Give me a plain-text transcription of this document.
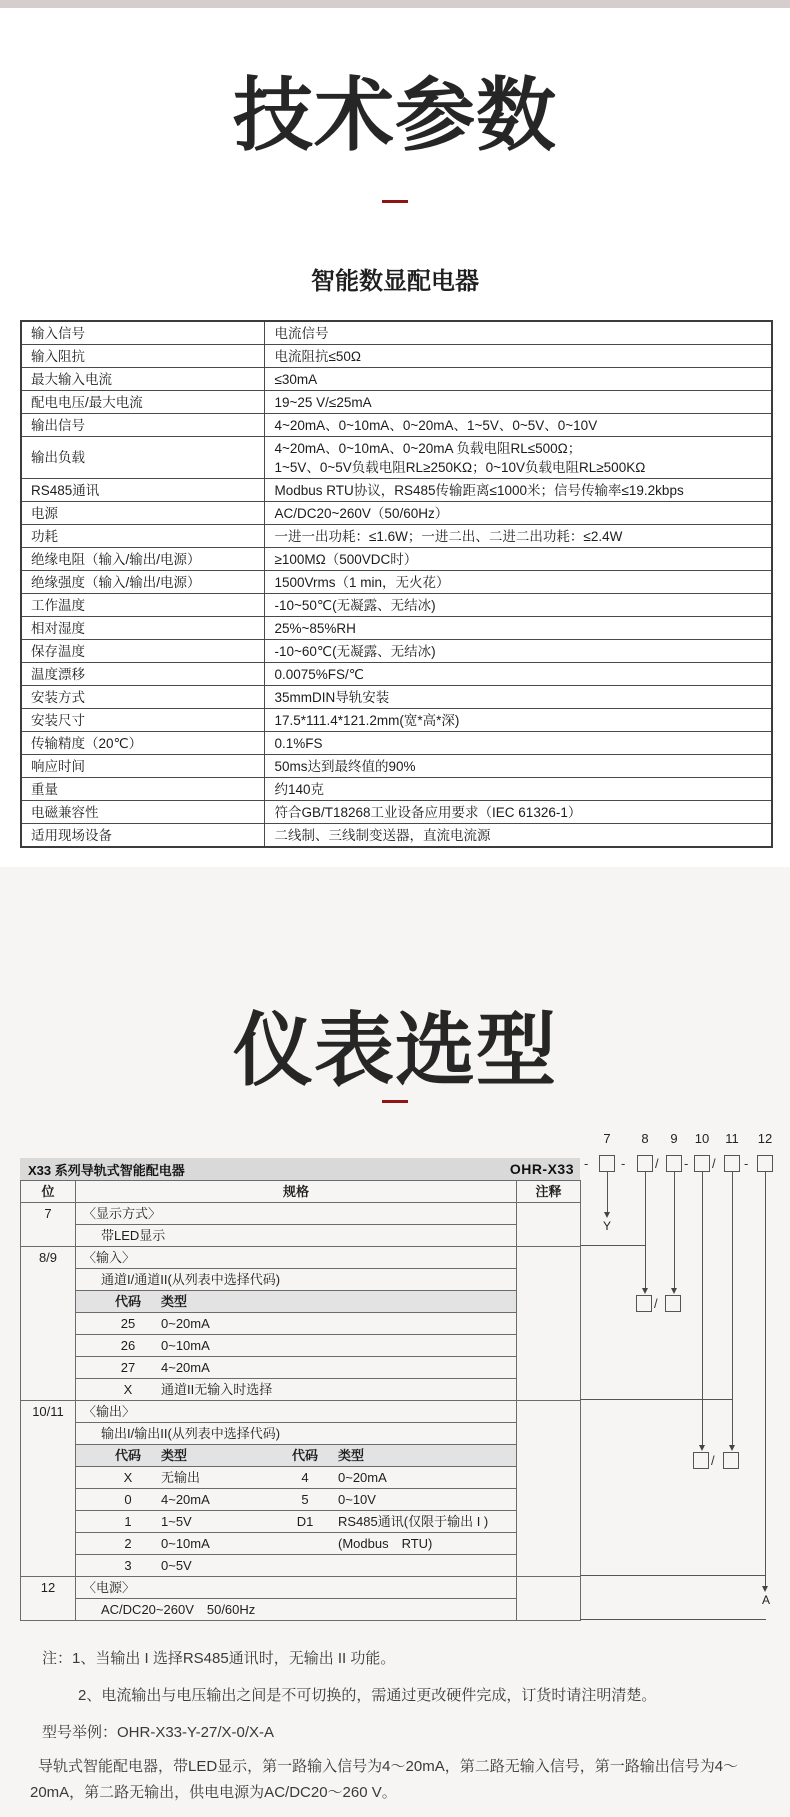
技术参数
智能数显配电器
输入信号	电流信号

输入阻抗	电流阻抗≤50Ω

最大输入电流	≤30mA

配电电压/最大电流	19~25 V/≤25mA

输出信号	4~20mA、0~10mA、0~20mA、1~5V、0~5V、0~10V

输出负载	4~20mA、0~10mA、0~20mA 负载电阻RL≤500Ω；
1~5V、0~5V负载电阻RL≥250KΩ；0~10V负载电阻RL≥500KΩ

RS485通讯	Modbus RTU协议，RS485传输距离≤1000米；信号传输率≤19.2kbps

电源	AC/DC20~260V（50/60Hz）

功耗	一进一出功耗：≤1.6W；一进二出、二进二出功耗：≤2.4W

绝缘电阻（输入/输出/电源）	≥100MΩ（500VDC时）

绝缘强度（输入/输出/电源）	1500Vrms（1 min，无火花）

工作温度	-10~50℃(无凝露、无结冰)

相对湿度	25%~85%RH

保存温度	-10~60℃(无凝露、无结冰)

温度漂移	0.0075%FS/℃

安装方式	35mmDIN导轨安装

安装尺寸	17.5*111.4*121.2mm(宽*高*深)

传输精度（20℃）	0.1%FS

响应时间	50ms达到最终值的90%

重量	约140克

电磁兼容性	符合GB/T18268工业设备应用要求（IEC 61326-1）

适用现场设备	二线制、三线制变送器，直流电流源
仪表选型
X33 系列导轨式智能配电器	OHR-X33
位	规格	注释
7	〈显示方式〉	

	带LED显示	

8/9	〈输入〉	

	通道I/通道II(从列表中选择代码)	

	代码 类型	

	25 0~20mA	

	26 0~10mA	

	27 4~20mA	

	X 通道II无输入时选择	

10/11	〈输出〉	

	输出I/输出II(从列表中选择代码)	

	代码 类型 代码 类型	

	X 无输出 4 0~20mA	

	0 4~20mA 5 0~10V	

	1 1~5V D1 RS485通讯(仅限于输出 I )	

	2 0~10mA (Modbus　RTU)	

	3 0~5V	

12	〈电源〉	

	AC/DC20~260V　50/60Hz	
7	8	9	10 11 12
-	- / - / -
Y
/
/
A
注：1、当输出 I 选择RS485通讯时，无输出 II 功能。
2、电流输出与电压输出之间是不可切换的，需通过更改硬件完成，订货时请注明清楚。
型号举例：OHR-X33-Y-27/X-0/X-A
导轨式智能配电器，带LED显示，第一路输入信号为4～20mA，第二路无输入信号，第一路输出信号为4～20mA，第二路无输出，供电电源为AC/DC20～260 V。
